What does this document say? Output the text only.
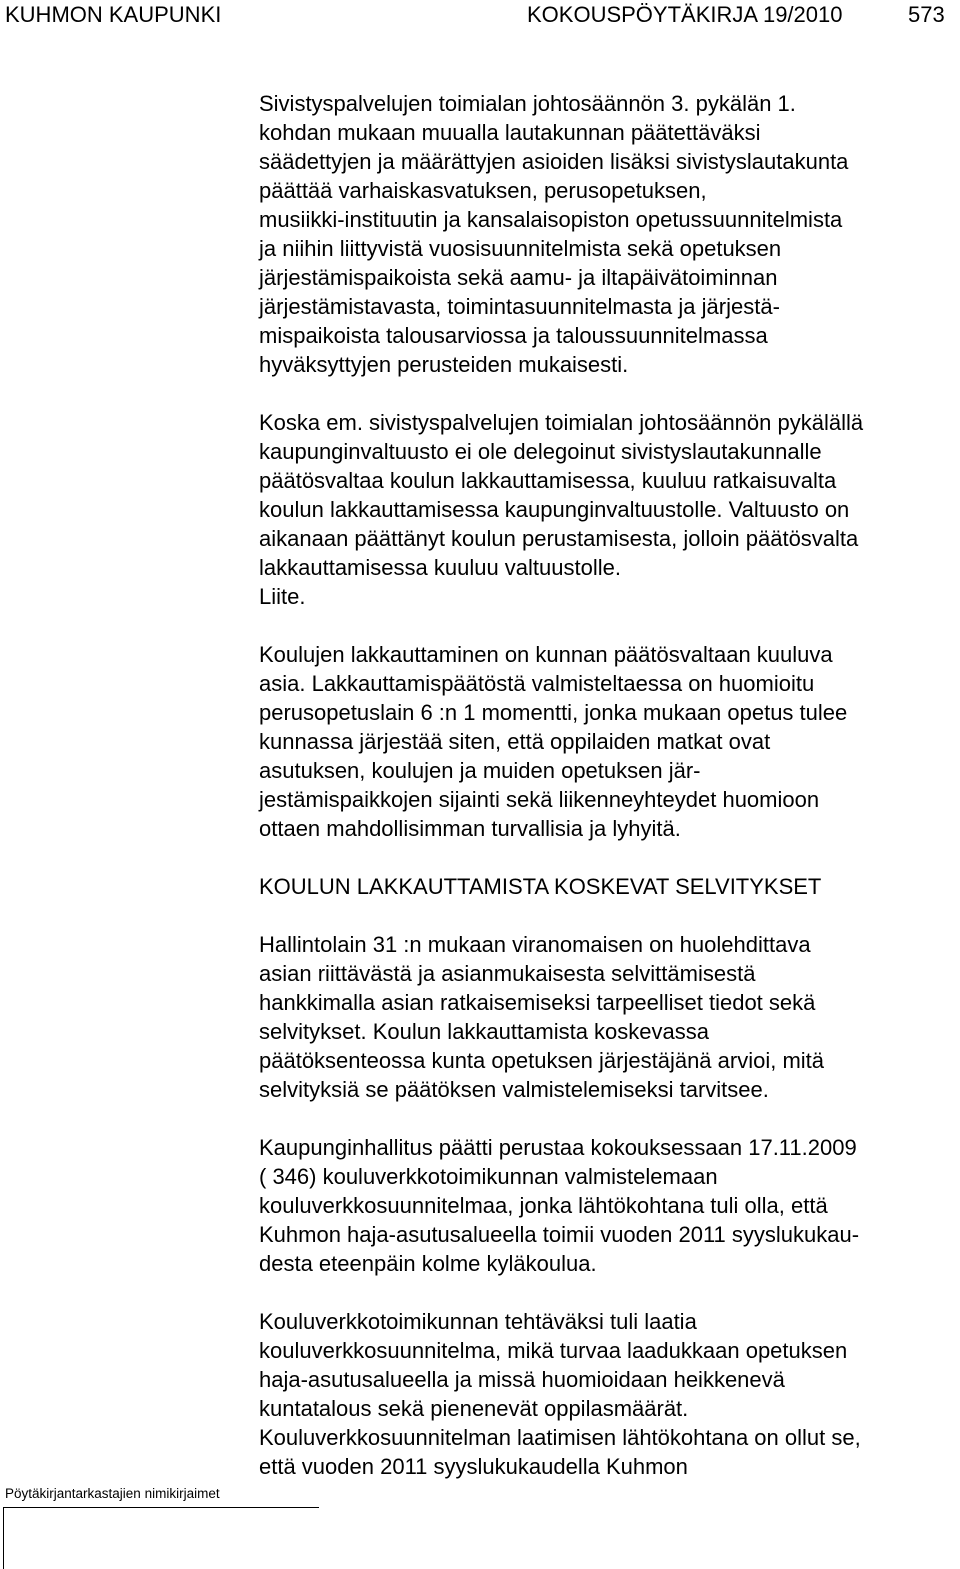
KUHMON KAUPUNKI	KOKOUSPÖYTÄKIRJA 19/2010	573
Sivistyspalvelujen toimialan johtosäännön 3. pykälän 1.
kohdan mukaan muualla lautakunnan päätettäväksi
säädettyjen ja määrättyjen asioiden lisäksi sivistyslautakunta
päättää varhaiskasvatuksen, perusopetuksen,
musiikki-instituutin ja kansalaisopiston opetussuunnitelmista
ja niihin liittyvistä vuosisuunnitelmista sekä opetuksen
järjestämispaikoista sekä aamu- ja iltapäivätoiminnan
järjestämistavasta, toimintasuunnitelmasta ja järjestä-
mispaikoista talousarviossa ja taloussuunnitelmassa
hyväksyttyjen perusteiden mukaisesti.
Koska em. sivistyspalvelujen toimialan johtosäännön pykälällä
kaupunginvaltuusto ei ole delegoinut sivistyslautakunnalle
päätösvaltaa koulun lakkauttamisessa, kuuluu ratkaisuvalta
koulun lakkauttamisessa kaupunginvaltuustolle. Valtuusto on
aikanaan päättänyt koulun perustamisesta, jolloin päätösvalta
lakkauttamisessa kuuluu valtuustolle.
Liite.
Koulujen lakkauttaminen on kunnan päätösvaltaan kuuluva
asia. Lakkauttamispäätöstä valmisteltaessa on huomioitu
perusopetuslain 6 :n 1 momentti, jonka mukaan opetus tulee
kunnassa järjestää siten, että oppilaiden matkat ovat
asutuksen, koulujen ja muiden opetuksen jär-
jestämispaikkojen sijainti sekä liikenneyhteydet huomioon
ottaen mahdollisimman turvallisia ja lyhyitä.
KOULUN LAKKAUTTAMISTA KOSKEVAT SELVITYKSET
Hallintolain 31 :n mukaan viranomaisen on huolehdittava
asian riittävästä ja asianmukaisesta selvittämisestä
hankkimalla asian ratkaisemiseksi tarpeelliset tiedot sekä
selvitykset. Koulun lakkauttamista koskevassa
päätöksenteossa kunta opetuksen järjestäjänä arvioi, mitä
selvityksiä se päätöksen valmistelemiseksi tarvitsee.
Kaupunginhallitus päätti perustaa kokouksessaan 17.11.2009
( 346) kouluverkkotoimikunnan valmistelemaan
kouluverkkosuunnitelmaa, jonka lähtökohtana tuli olla, että
Kuhmon haja-asutusalueella toimii vuoden 2011 syyslukukau-
desta eteenpäin kolme kyläkoulua.
Kouluverkkotoimikunnan tehtäväksi tuli laatia
kouluverkkosuunnitelma, mikä turvaa laadukkaan opetuksen
haja-asutusalueella ja missä huomioidaan heikkenevä
kuntatalous sekä pienenevät oppilasmäärät.
Kouluverkkosuunnitelman laatimisen lähtökohtana on ollut se,
että vuoden 2011 syyslukukaudella Kuhmon
Pöytäkirjantarkastajien nimikirjaimet
